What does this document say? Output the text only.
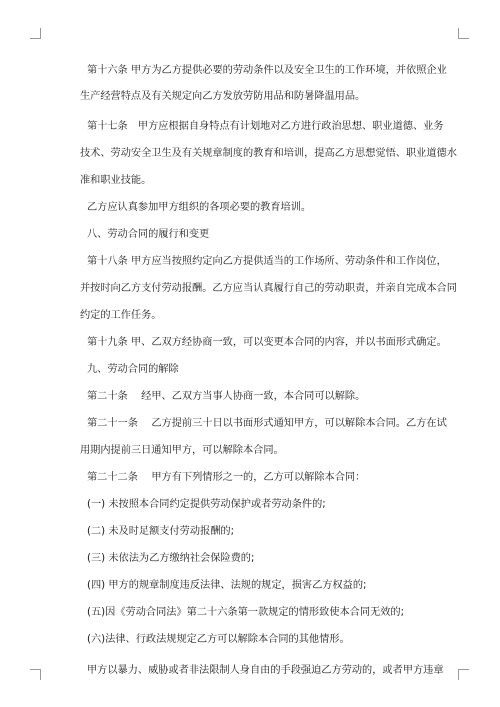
第十六条 甲方为乙方提供必要的劳动条件以及安全卫生的工作环境，并依照企业
生产经营特点及有关规定向乙方发放劳防用品和防暑降温用品。
第十七条　甲方应根据自身特点有计划地对乙方进行政治思想、职业道德、业务
技术、劳动安全卫生及有关规章制度的教育和培训，提高乙方思想觉悟、职业道德水
准和职业技能。
乙方应认真参加甲方组织的各项必要的教育培训。
八、劳动合同的履行和变更
第十八条 甲方应当按照约定向乙方提供适当的工作场所、劳动条件和工作岗位，
并按时向乙方支付劳动报酬。乙方应当认真履行自己的劳动职责，并亲自完成本合同
约定的工作任务。
第十九条 甲、乙双方经协商一致，可以变更本合同的内容，并以书面形式确定。
九、劳动合同的解除
第二十条　 经甲、乙双方当事人协商一致，本合同可以解除。
第二十一条　 乙方提前三十日以书面形式通知甲方，可以解除本合同。乙方在试
用期内提前三日通知甲方，可以解除本合同。
第二十二条　 甲方有下列情形之一的，乙方可以解除本合同：
(一) 未按照本合同约定提供劳动保护或者劳动条件的;
(二) 未及时足额支付劳动报酬的;
(三) 未依法为乙方缴纳社会保险费的;
(四) 甲方的规章制度违反法律、法规的规定，损害乙方权益的;
(五)因《劳动合同法》第二十六条第一款规定的情形致使本合同无效的;
(六)法律、行政法规规定乙方可以解除本合同的其他情形。
甲方以暴力、威胁或者非法限制人身自由的手段强迫乙方劳动的，或者甲方违章
